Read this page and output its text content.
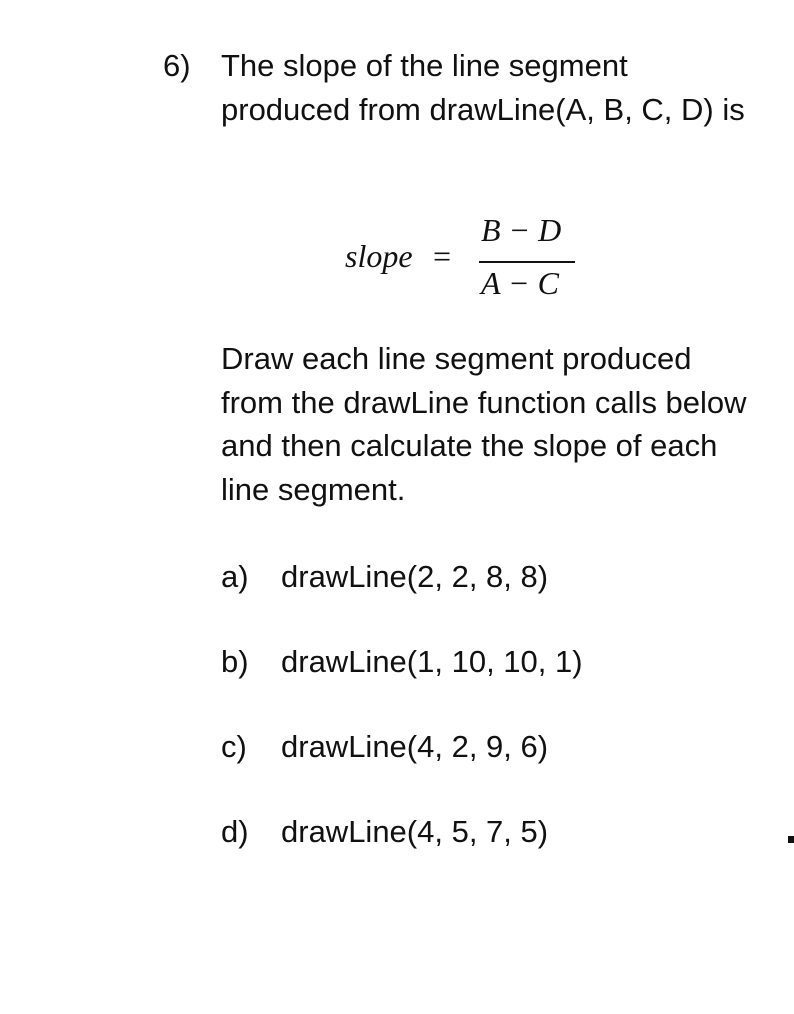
6) The slope of the line segment produced from drawLine(A, B, C, D) is

slope =
B − D
A − C

Draw each line segment produced from the drawLine function calls below and then calculate the slope of each line segment.

a) drawLine(2, 2, 8, 8)
b) drawLine(1, 10, 10, 1)
c) drawLine(4, 2, 9, 6)
d) drawLine(4, 5, 7, 5)
